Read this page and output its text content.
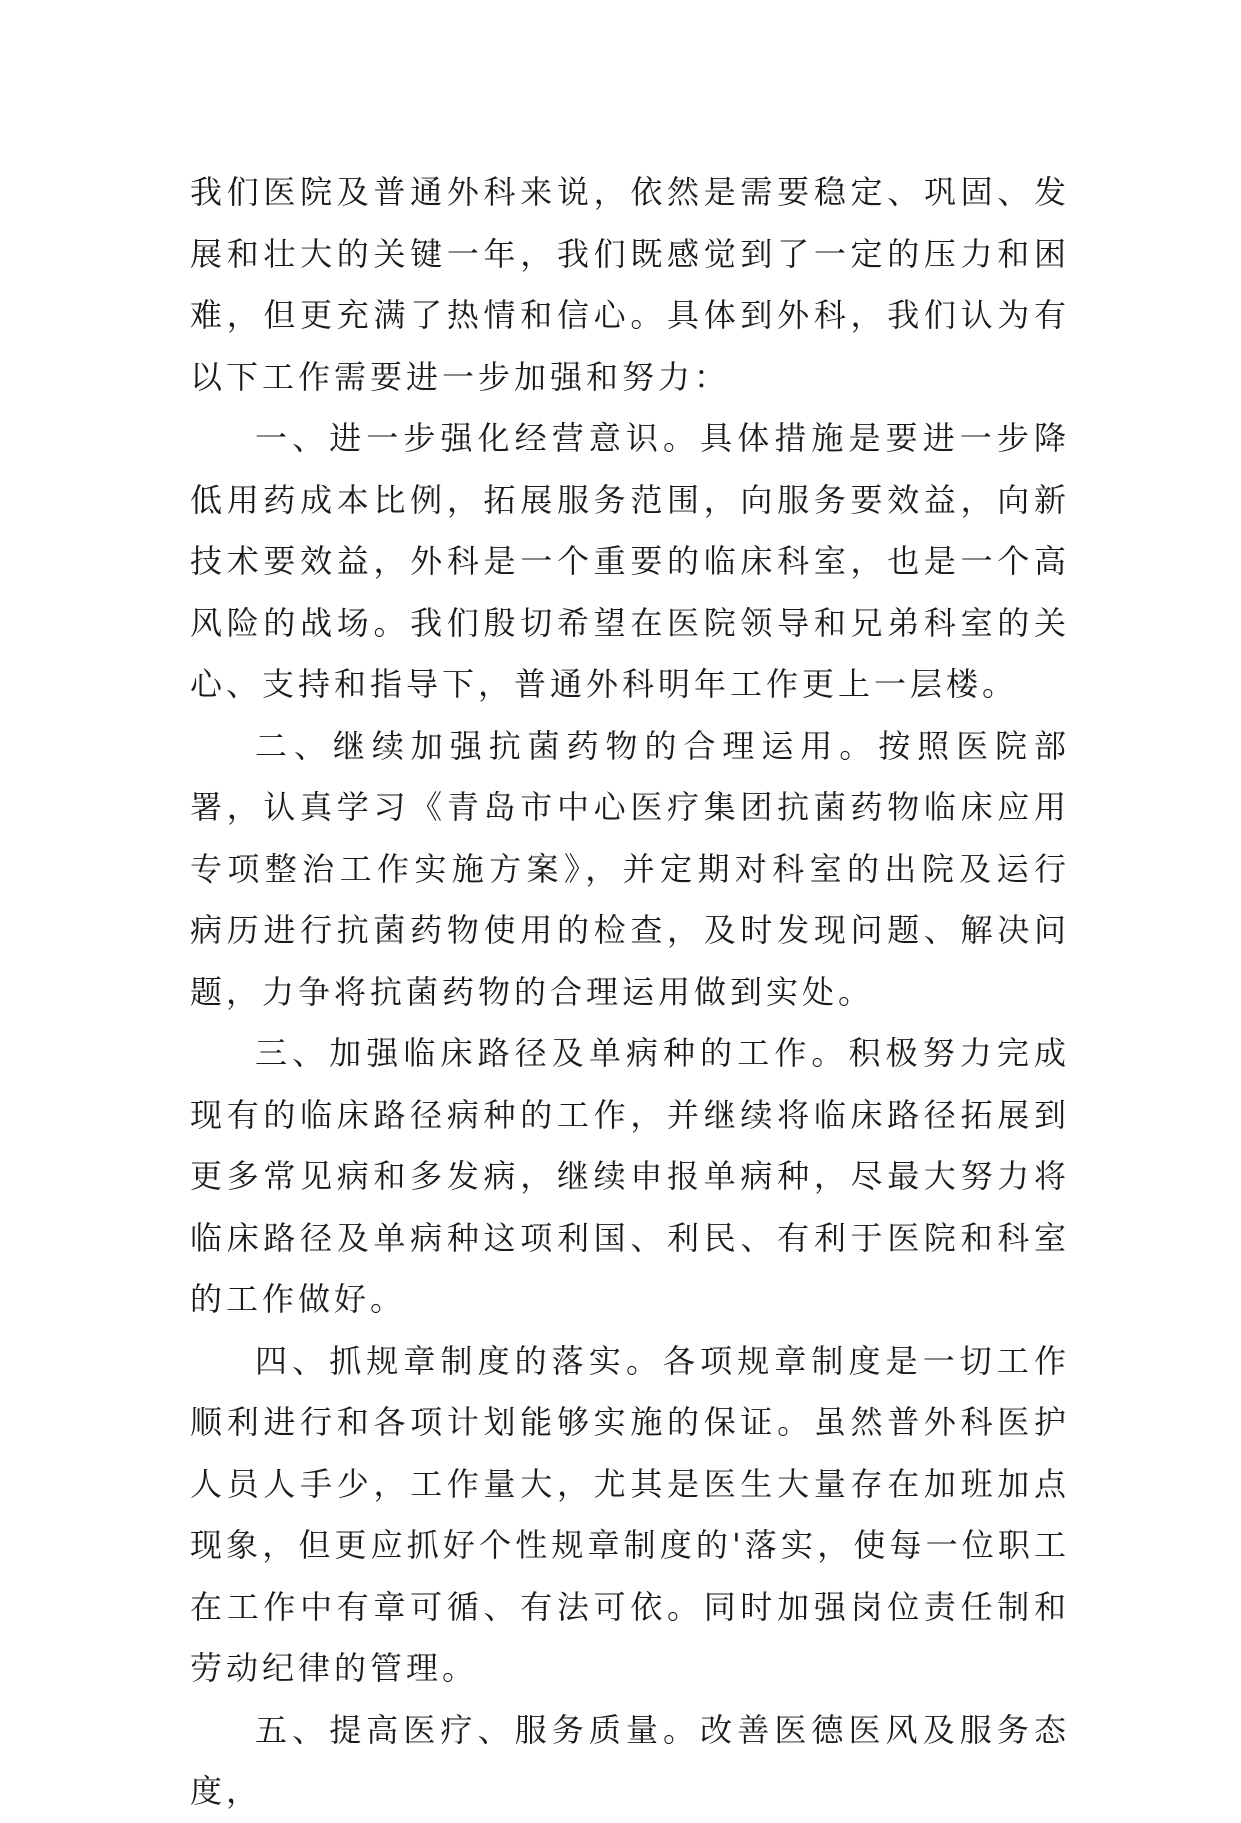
我们医院及普通外科来说，依然是需要稳定、巩固、发展和壮大的关键一年，我们既感觉到了一定的压力和困难，但更充满了热情和信心。具体到外科，我们认为有以下工作需要进一步加强和努力：

一、进一步强化经营意识。具体措施是要进一步降低用药成本比例，拓展服务范围，向服务要效益，向新技术要效益，外科是一个重要的临床科室，也是一个高风险的战场。我们殷切希望在医院领导和兄弟科室的关心、支持和指导下，普通外科明年工作更上一层楼。

二、继续加强抗菌药物的合理运用。按照医院部署，认真学习《青岛市中心医疗集团抗菌药物临床应用专项整治工作实施方案》，并定期对科室的出院及运行病历进行抗菌药物使用的检查，及时发现问题、解决问题，力争将抗菌药物的合理运用做到实处。

三、加强临床路径及单病种的工作。积极努力完成现有的临床路径病种的工作，并继续将临床路径拓展到更多常见病和多发病，继续申报单病种，尽最大努力将临床路径及单病种这项利国、利民、有利于医院和科室的工作做好。

四、抓规章制度的落实。各项规章制度是一切工作顺利进行和各项计划能够实施的保证。虽然普外科医护人员人手少，工作量大，尤其是医生大量存在加班加点现象，但更应抓好个性规章制度的'落实，使每一位职工在工作中有章可循、有法可依。同时加强岗位责任制和劳动纪律的管理。

五、提高医疗、服务质量。改善医德医风及服务态度，
